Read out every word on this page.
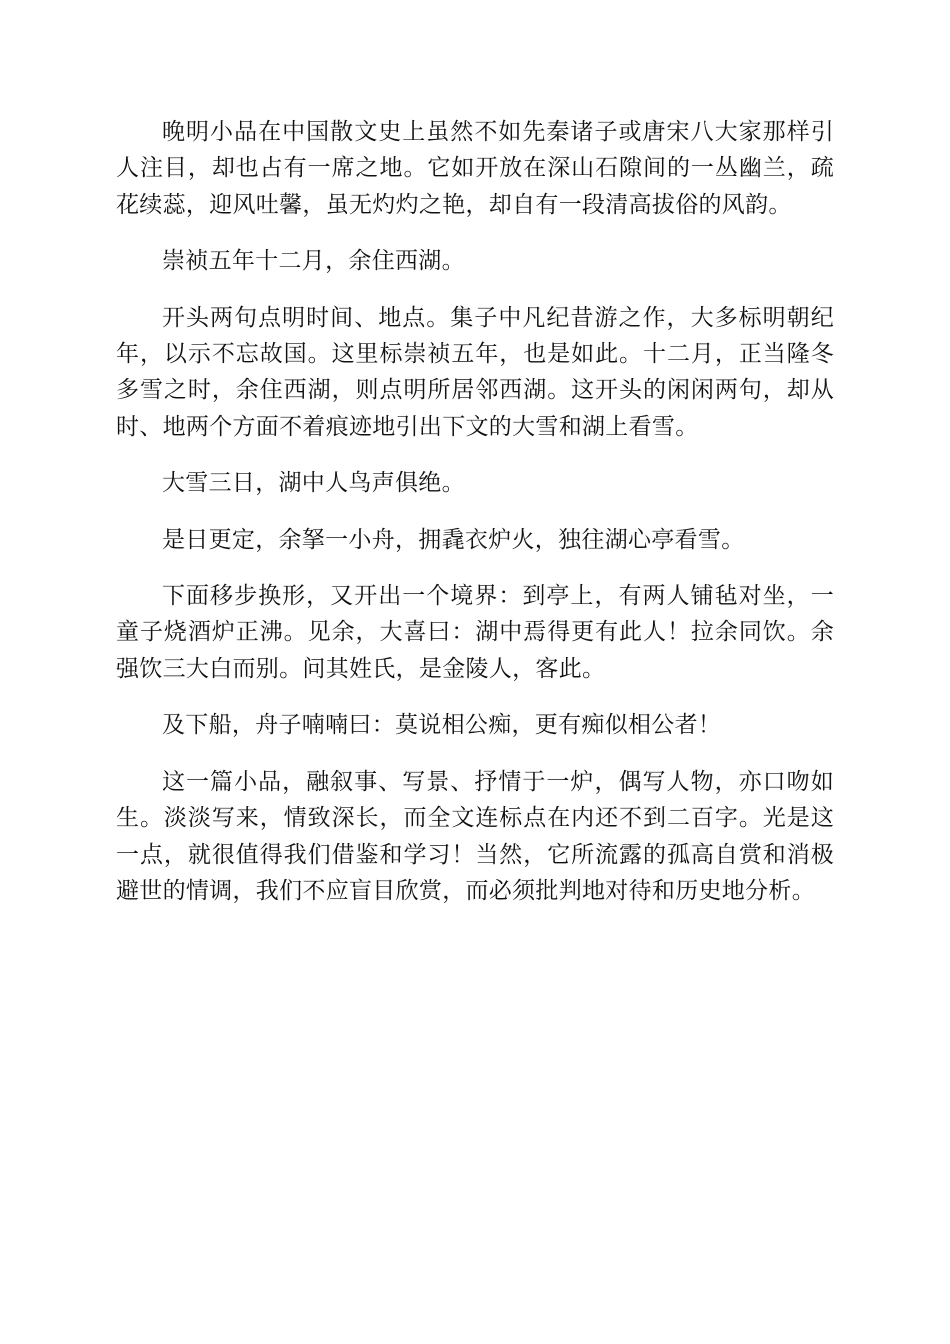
晚明小品在中国散文史上虽然不如先秦诸子或唐宋八大家那样引人注目，却也占有一席之地。它如开放在深山石隙间的一丛幽兰，疏花续蕊，迎风吐馨，虽无灼灼之艳，却自有一段清高拔俗的风韵。

崇祯五年十二月，余住西湖。

开头两句点明时间、地点。集子中凡纪昔游之作，大多标明朝纪年，以示不忘故国。这里标崇祯五年，也是如此。十二月，正当隆冬多雪之时，余住西湖，则点明所居邻西湖。这开头的闲闲两句，却从时、地两个方面不着痕迹地引出下文的大雪和湖上看雪。

大雪三日，湖中人鸟声俱绝。

是日更定，余拏一小舟，拥毳衣炉火，独往湖心亭看雪。

下面移步换形，又开出一个境界：到亭上，有两人铺毡对坐，一童子烧酒炉正沸。见余，大喜曰：湖中焉得更有此人！拉余同饮。余强饮三大白而别。问其姓氏，是金陵人，客此。

及下船，舟子喃喃曰：莫说相公痴，更有痴似相公者！

这一篇小品，融叙事、写景、抒情于一炉，偶写人物，亦口吻如生。淡淡写来，情致深长，而全文连标点在内还不到二百字。光是这一点，就很值得我们借鉴和学习！当然，它所流露的孤高自赏和消极避世的情调，我们不应盲目欣赏，而必须批判地对待和历史地分析。
